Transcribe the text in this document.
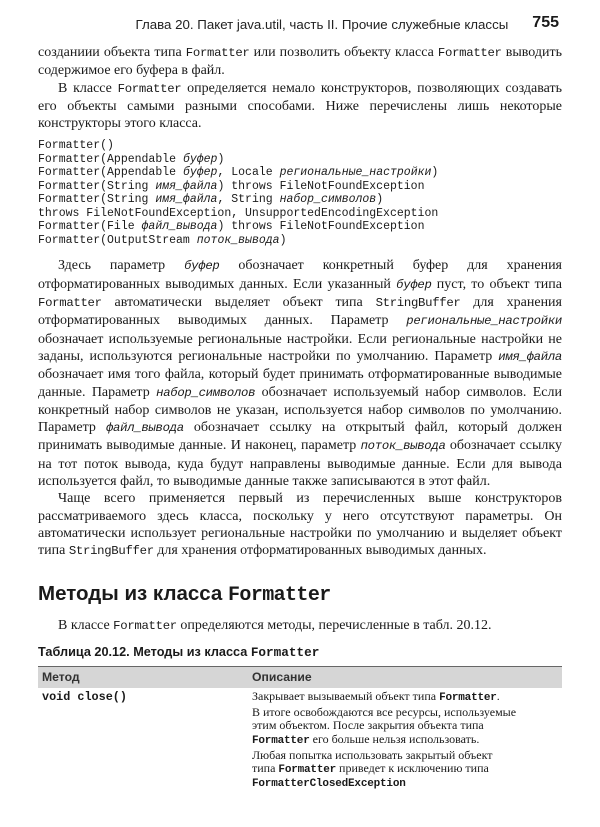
Глава 20. Пакет java.util, часть II. Прочие служебные классы 755

созданиии объекта типа Formatter или позволить объекту класса Formatter выводить содержимое его буфера в файл.

В классе Formatter определяется немало конструкторов, позволяющих создавать его объекты самыми разными способами. Ниже перечислены лишь некоторые конструкторы этого класса.

Formatter()
Formatter(Appendable буфер)
Formatter(Appendable буфер, Locale региональные_настройки)
Formatter(String имя_файла) throws FileNotFoundException
Formatter(String имя_файла, String набор_символов)
throws FileNotFoundException, UnsupportedEncodingException
Formatter(File файл_вывода) throws FileNotFoundException
Formatter(OutputStream поток_вывода)

Здесь параметр буфер обозначает конкретный буфер для хранения отформатированных выводимых данных. Если указанный буфер пуст, то объект типа Formatter автоматически выделяет объект типа StringBuffer для хранения отформатированных выводимых данных. Параметр региональные_настройки обозначает используемые региональные настройки. Если региональные настройки не заданы, используются региональные настройки по умолчанию. Параметр имя_файла обозначает имя того файла, который будет принимать отформатированные выводимые данные. Параметр набор_символов обозначает используемый набор символов. Если конкретный набор символов не указан, используется набор символов по умолчанию. Параметр файл_вывода обозначает ссылку на открытый файл, который должен принимать выводимые данные. И наконец, параметр поток_вывода обозначает ссылку на тот поток вывода, куда будут направлены выводимые данные. Если для вывода используется файл, то выводимые данные также записываются в этот файл.

Чаще всего применяется первый из перечисленных выше конструкторов рассматриваемого здесь класса, поскольку у него отсутствуют параметры. Он автоматически использует региональные настройки по умолчанию и выделяет объект типа StringBuffer для хранения отформатированных выводимых данных.

Методы из класса Formatter

В классе Formatter определяются методы, перечисленные в табл. 20.12.

Таблица 20.12. Методы из класса Formatter
Метод	Описание
void close()	Закрывает вызываемый объект типа Formatter.
В итоге освобождаются все ресурсы, используемые
этим объектом. После закрытия объекта типа
Formatter его больше нельзя использовать.
Любая попытка использовать закрытый объект
типа Formatter приведет к исключению типа
FormatterClosedException
